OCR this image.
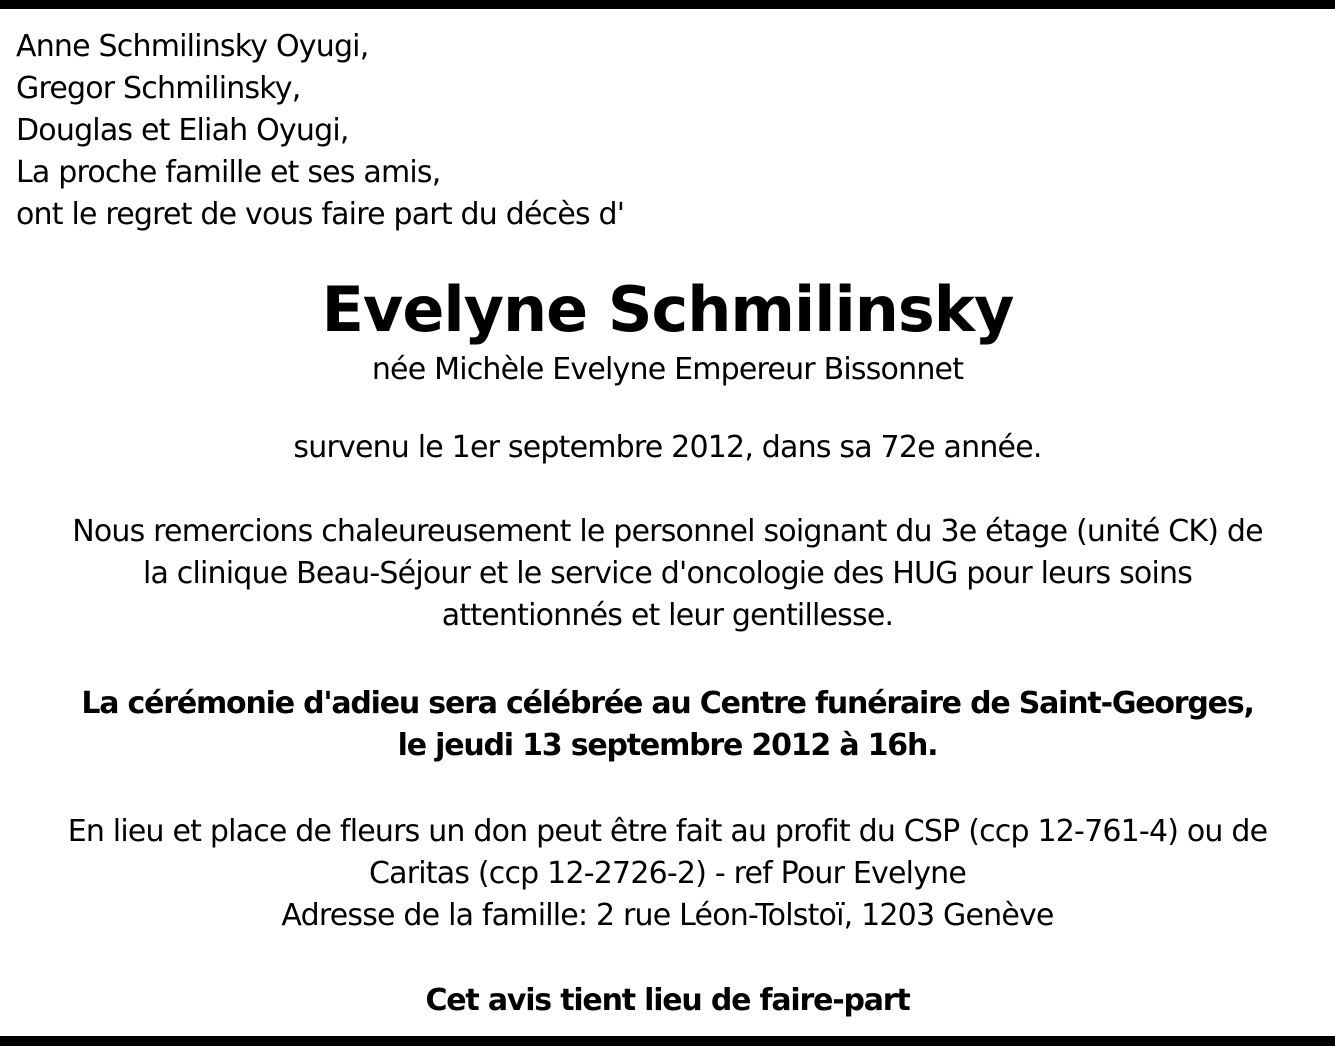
Anne Schmilinsky Oyugi,
Gregor Schmilinsky,
Douglas et Eliah Oyugi,
La proche famille et ses amis,
ont le regret de vous faire part du décès d'
Evelyne Schmilinsky
née Michèle Evelyne Empereur Bissonnet
survenu le 1er septembre 2012, dans sa 72e année.
Nous remercions chaleureusement le personnel soignant du 3e étage (unité CK) de
la clinique Beau-Séjour et le service d'oncologie des HUG pour leurs soins
attentionnés et leur gentillesse.
La cérémonie d'adieu sera célébrée au Centre funéraire de Saint-Georges,
le jeudi 13 septembre 2012 à 16h.
En lieu et place de fleurs un don peut être fait au profit du CSP (ccp 12-761-4) ou de
Caritas (ccp 12-2726-2) - ref Pour Evelyne
Adresse de la famille: 2 rue Léon-Tolstoï, 1203 Genève
Cet avis tient lieu de faire-part
